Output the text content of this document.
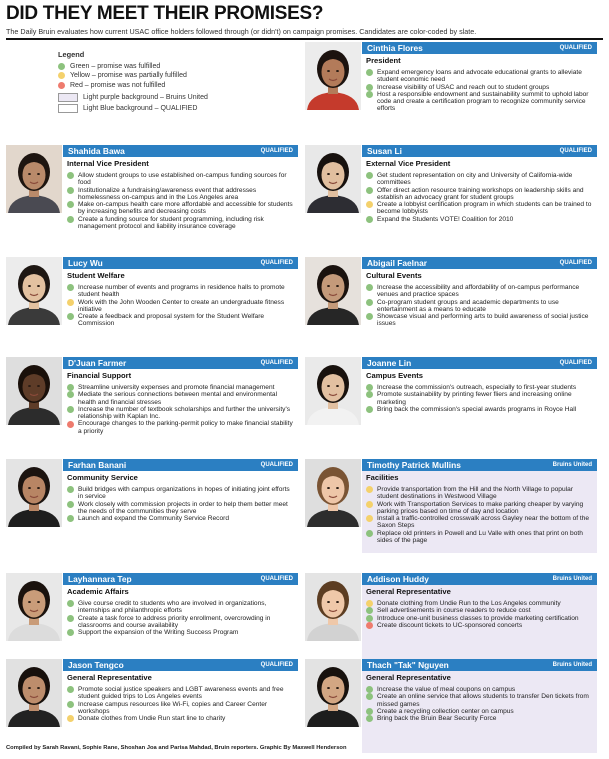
DID THEY MEET THEIR PROMISES?
The Daily Bruin evaluates how current USAC office holders followed through (or didn't) on campaign promises. Candidates are color-coded by slate.
Legend
Green – promise was fulfilled
Yellow – promise was partially fulfilled
Red – promise was not fulfilled
Light purple background – Bruins United
Light Blue background – QUALIFIED
Cinthia Flores	QUALIFIED
President
Expand emergency loans and advocate educational grants to alleviate student economic need
Increase visibility of USAC and reach out to student groups
Host a responsible endowment and sustainability summit to uphold labor code and create a certification program to recognize community service efforts
Shahida Bawa	QUALIFIED
Internal Vice President
Allow student groups to use established on-campus funding sources for food
Institutionalize a fundraising/awareness event that addresses homelessness on-campus and in the Los Angeles area
Make on-campus health care more affordable and accessible for students by increasing benefits and decreasing costs
Create a funding source for student programming, including risk management protocol and liability insurance coverage
Susan Li	QUALIFIED
External Vice President
Get student representation on city and University of California-wide committees
Offer direct action resource training workshops on leadership skills and establish an advocacy grant for student groups
Create a lobbyist certification program in which students can be trained to become lobbyists
Expand the Students VOTE! Coalition for 2010
Lucy Wu	QUALIFIED
Student Welfare
Increase number of events and programs in residence halls to promote student health
Work with the John Wooden Center to create an undergraduate fitness initiative
Create a feedback and proposal system for the Student Welfare Commission
Abigail Faelnar	QUALIFIED
Cultural Events
Increase the accessibility and affordability of on-campus performance venues and practice spaces
Co-program student groups and academic departments to use entertainment as a means to educate
Showcase visual and performing arts to build awareness of social justice issues
D'Juan Farmer	QUALIFIED
Financial Support
Streamline university expenses and promote financial management
Mediate the serious connections between mental and environmental health and financial stresses
Increase the number of textbook scholarships and further the university's relationship with Kaplan Inc.
Encourage changes to the parking-permit policy to make financial stability a priority
Joanne Lin	QUALIFIED
Campus Events
Increase the commission's outreach, especially to first-year students
Promote sustainability by printing fewer fliers and increasing online marketing
Bring back the commission's special awards programs in Royce Hall
Farhan Banani	QUALIFIED
Community Service
Build bridges with campus organizations in hopes of initiating joint efforts in service
Work closely with commission projects in order to help them better meet the needs of the communities they serve
Launch and expand the Community Service Record
Timothy Patrick Mullins	Bruins United
Facilities
Provide transportation from the Hill and the North Village to popular student destinations in Westwood Village
Work with Transportation Services to make parking cheaper by varying parking prices based on time of day and location
Install a traffic-controlled crosswalk across Gayley near the bottom of the Saxon Steps
Replace old printers in Powell and Lu Valle with ones that print on both sides of the page
Layhannara Tep	QUALIFIED
Academic Affairs
Give course credit to students who are involved in organizations, internships and philanthropic efforts
Create a task force to address priority enrollment, overcrowding in classrooms and course availability
Support the expansion of the Writing Success Program
Addison Huddy	Bruins United
General Representative
Donate clothing from Undie Run to the Los Angeles community
Sell advertisements in course readers to reduce cost
Introduce one-unit business classes to provide marketing certification
Create discount tickets to UC-sponsored concerts
Jason Tengco	QUALIFIED
General Representative
Promote social justice speakers and LGBT awareness events and free student guided trips to Los Angeles events
Increase campus resources like Wi-Fi, copies and Career Center workshops
Donate clothes from Undie Run start line to charity
Thach "Tak" Nguyen	Bruins United
General Representative
Increase the value of meal coupons on campus
Create an online service that allows students to transfer Den tickets from missed games
Create a recycling collection center on campus
Bring back the Bruin Bear Security Force
Compiled by Sarah Ravani, Sophie Rane, Shoshan Joa and Parisa Mahdad, Bruin reporters. Graphic By Maxwell Henderson
